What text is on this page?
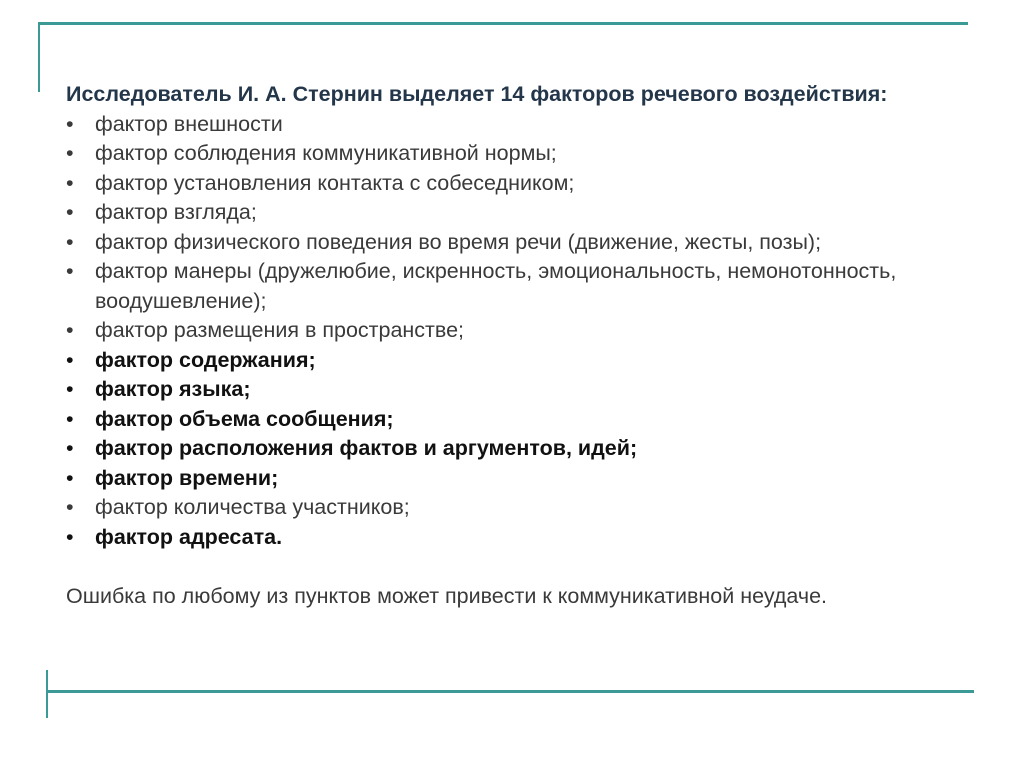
Исследователь И. А. Стернин выделяет 14 факторов речевого воздействия:

• фактор внешности
• фактор соблюдения коммуникативной нормы;
• фактор установления контакта с собеседником;
• фактор взгляда;
• фактор физического поведения во время речи (движение, жесты, позы);
• фактор манеры (дружелюбие, искренность, эмоциональность, немонотонность, воодушевление);
• фактор размещения в пространстве;
• фактор содержания;
• фактор языка;
• фактор объема сообщения;
• фактор расположения фактов и аргументов, идей;
• фактор времени;
• фактор количества участников;
• фактор адресата.

Ошибка по любому из пунктов может привести к коммуникативной неудаче.
